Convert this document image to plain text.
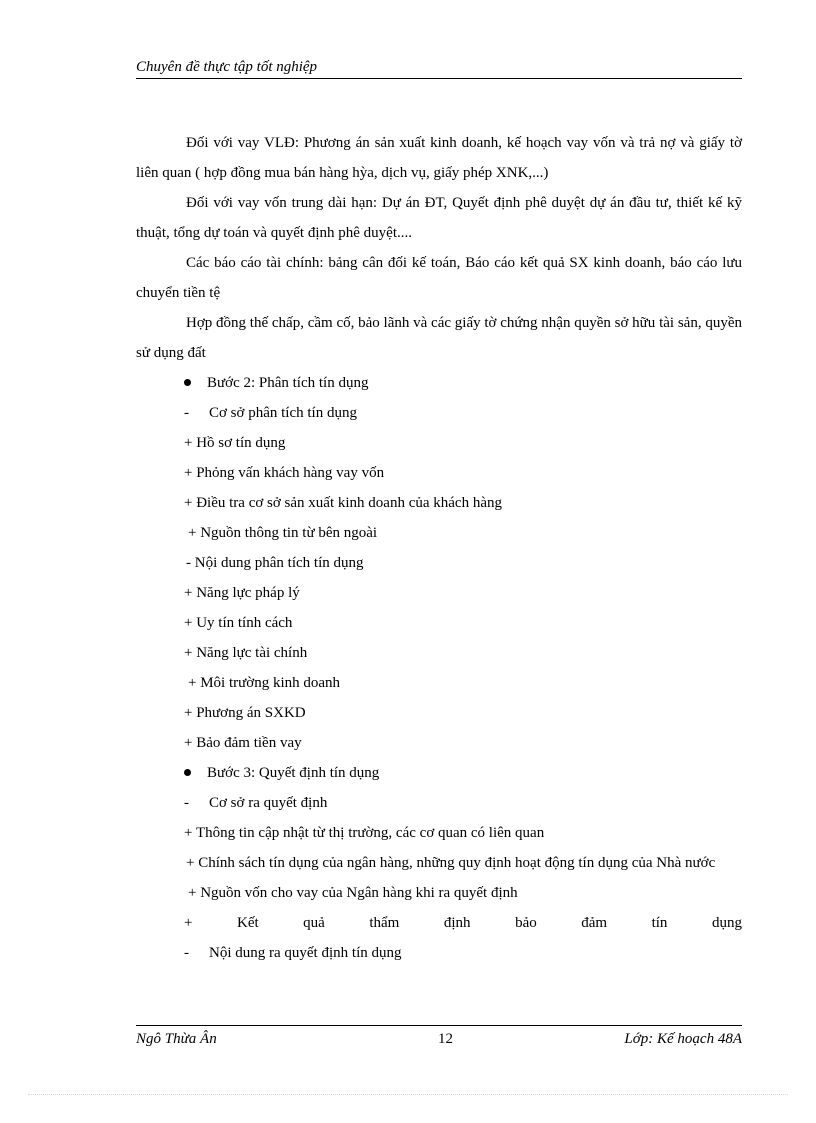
Chuyên đề thực tập tốt nghiệp

Đối với vay VLĐ: Phương án sản xuất kinh doanh, kế hoạch vay vốn và trả nợ và giấy tờ liên quan ( hợp đồng mua bán hàng hỳa, dịch vụ, giấy phép XNK,...)

Đối với vay vốn trung dài hạn: Dự án ĐT, Quyết định phê duyệt dự án đầu tư, thiết kế kỹ thuật, tổng dự toán và quyết định phê duyệt....

Các báo cáo tài chính: bảng cân đối kế toán, Báo cáo kết quả SX kinh doanh, báo cáo lưu chuyển tiền tệ

Hợp đồng thế chấp, cầm cố, bảo lãnh và các giấy tờ chứng nhận quyền sở hữu tài sản, quyền sử dụng đất

Bước 2: Phân tích tín dụng

- Cơ sở phân tích tín dụng

+ Hồ sơ tín dụng

+ Phỏng vấn khách hàng vay vốn

+ Điều tra cơ sở sản xuất kinh doanh của khách hàng

+ Nguồn thông tin từ bên ngoài

- Nội dung phân tích tín dụng

+ Năng lực pháp lý

+ Uy tín tính cách

+ Năng lực tài chính

+ Môi trường kinh doanh

+ Phương án SXKD

+ Bảo đảm tiền vay

Bước 3: Quyết định tín dụng

- Cơ sở ra quyết định

+ Thông tin cập nhật từ thị trường, các cơ quan có liên quan

+ Chính sách tín dụng của ngân hàng, những quy định hoạt động tín dụng của Nhà nước

+ Nguồn vốn cho vay của Ngân hàng khi ra quyết định

+	Kết	quả	thẩm	định	bảo	đảm	tín	dụng

- Nội dung ra quyết định tín dụng

Ngô Thừa Ân	12	Lớp: Kế hoạch 48A
